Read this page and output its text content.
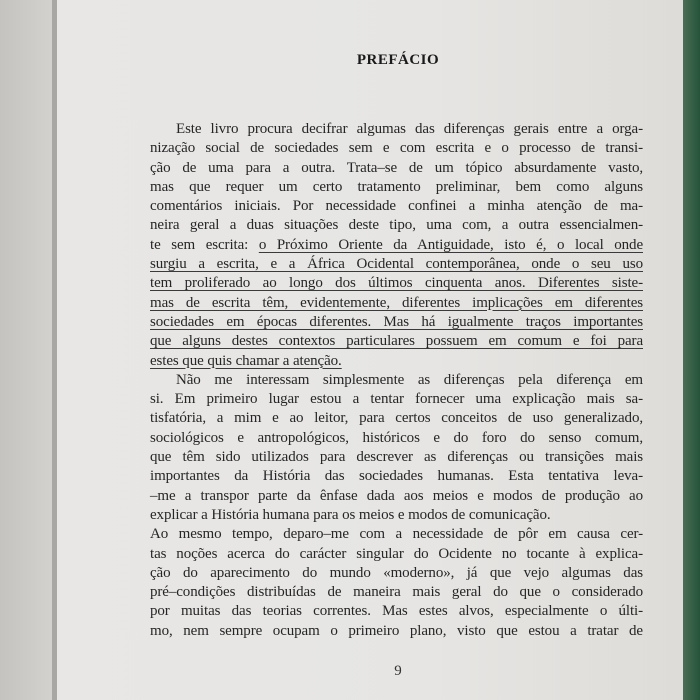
PREFÁCIO
Este livro procura decifrar algumas das diferenças gerais entre a orga-
nização social de sociedades sem e com escrita e o processo de transi-
ção de uma para a outra. Trata–se de um tópico absurdamente vasto,
mas que requer um certo tratamento preliminar, bem como alguns
comentários iniciais. Por necessidade confinei a minha atenção de ma-
neira geral a duas situações deste tipo, uma com, a outra essencialmen-
te sem escrita: o Próximo Oriente da Antiguidade, isto é, o local onde
surgiu a escrita, e a África Ocidental contemporânea, onde o seu uso
tem proliferado ao longo dos últimos cinquenta anos. Diferentes siste-
mas de escrita têm, evidentemente, diferentes implicações em diferentes
sociedades em épocas diferentes. Mas há igualmente traços importantes
que alguns destes contextos particulares possuem em comum e foi para
estes que quis chamar a atenção.
Não me interessam simplesmente as diferenças pela diferença em
si. Em primeiro lugar estou a tentar fornecer uma explicação mais sa-
tisfatória, a mim e ao leitor, para certos conceitos de uso generalizado,
sociológicos e antropológicos, históricos e do foro do senso comum,
que têm sido utilizados para descrever as diferenças ou transições mais
importantes da História das sociedades humanas. Esta tentativa leva-
–me a transpor parte da ênfase dada aos meios e modos de produção ao
explicar a História humana para os meios e modos de comunicação.
Ao mesmo tempo, deparo–me com a necessidade de pôr em causa cer-
tas noções acerca do carácter singular do Ocidente no tocante à explica-
ção do aparecimento do mundo «moderno», já que vejo algumas das
pré–condições distribuídas de maneira mais geral do que o considerado
por muitas das teorias correntes. Mas estes alvos, especialmente o últi-
mo, nem sempre ocupam o primeiro plano, visto que estou a tratar de
9
